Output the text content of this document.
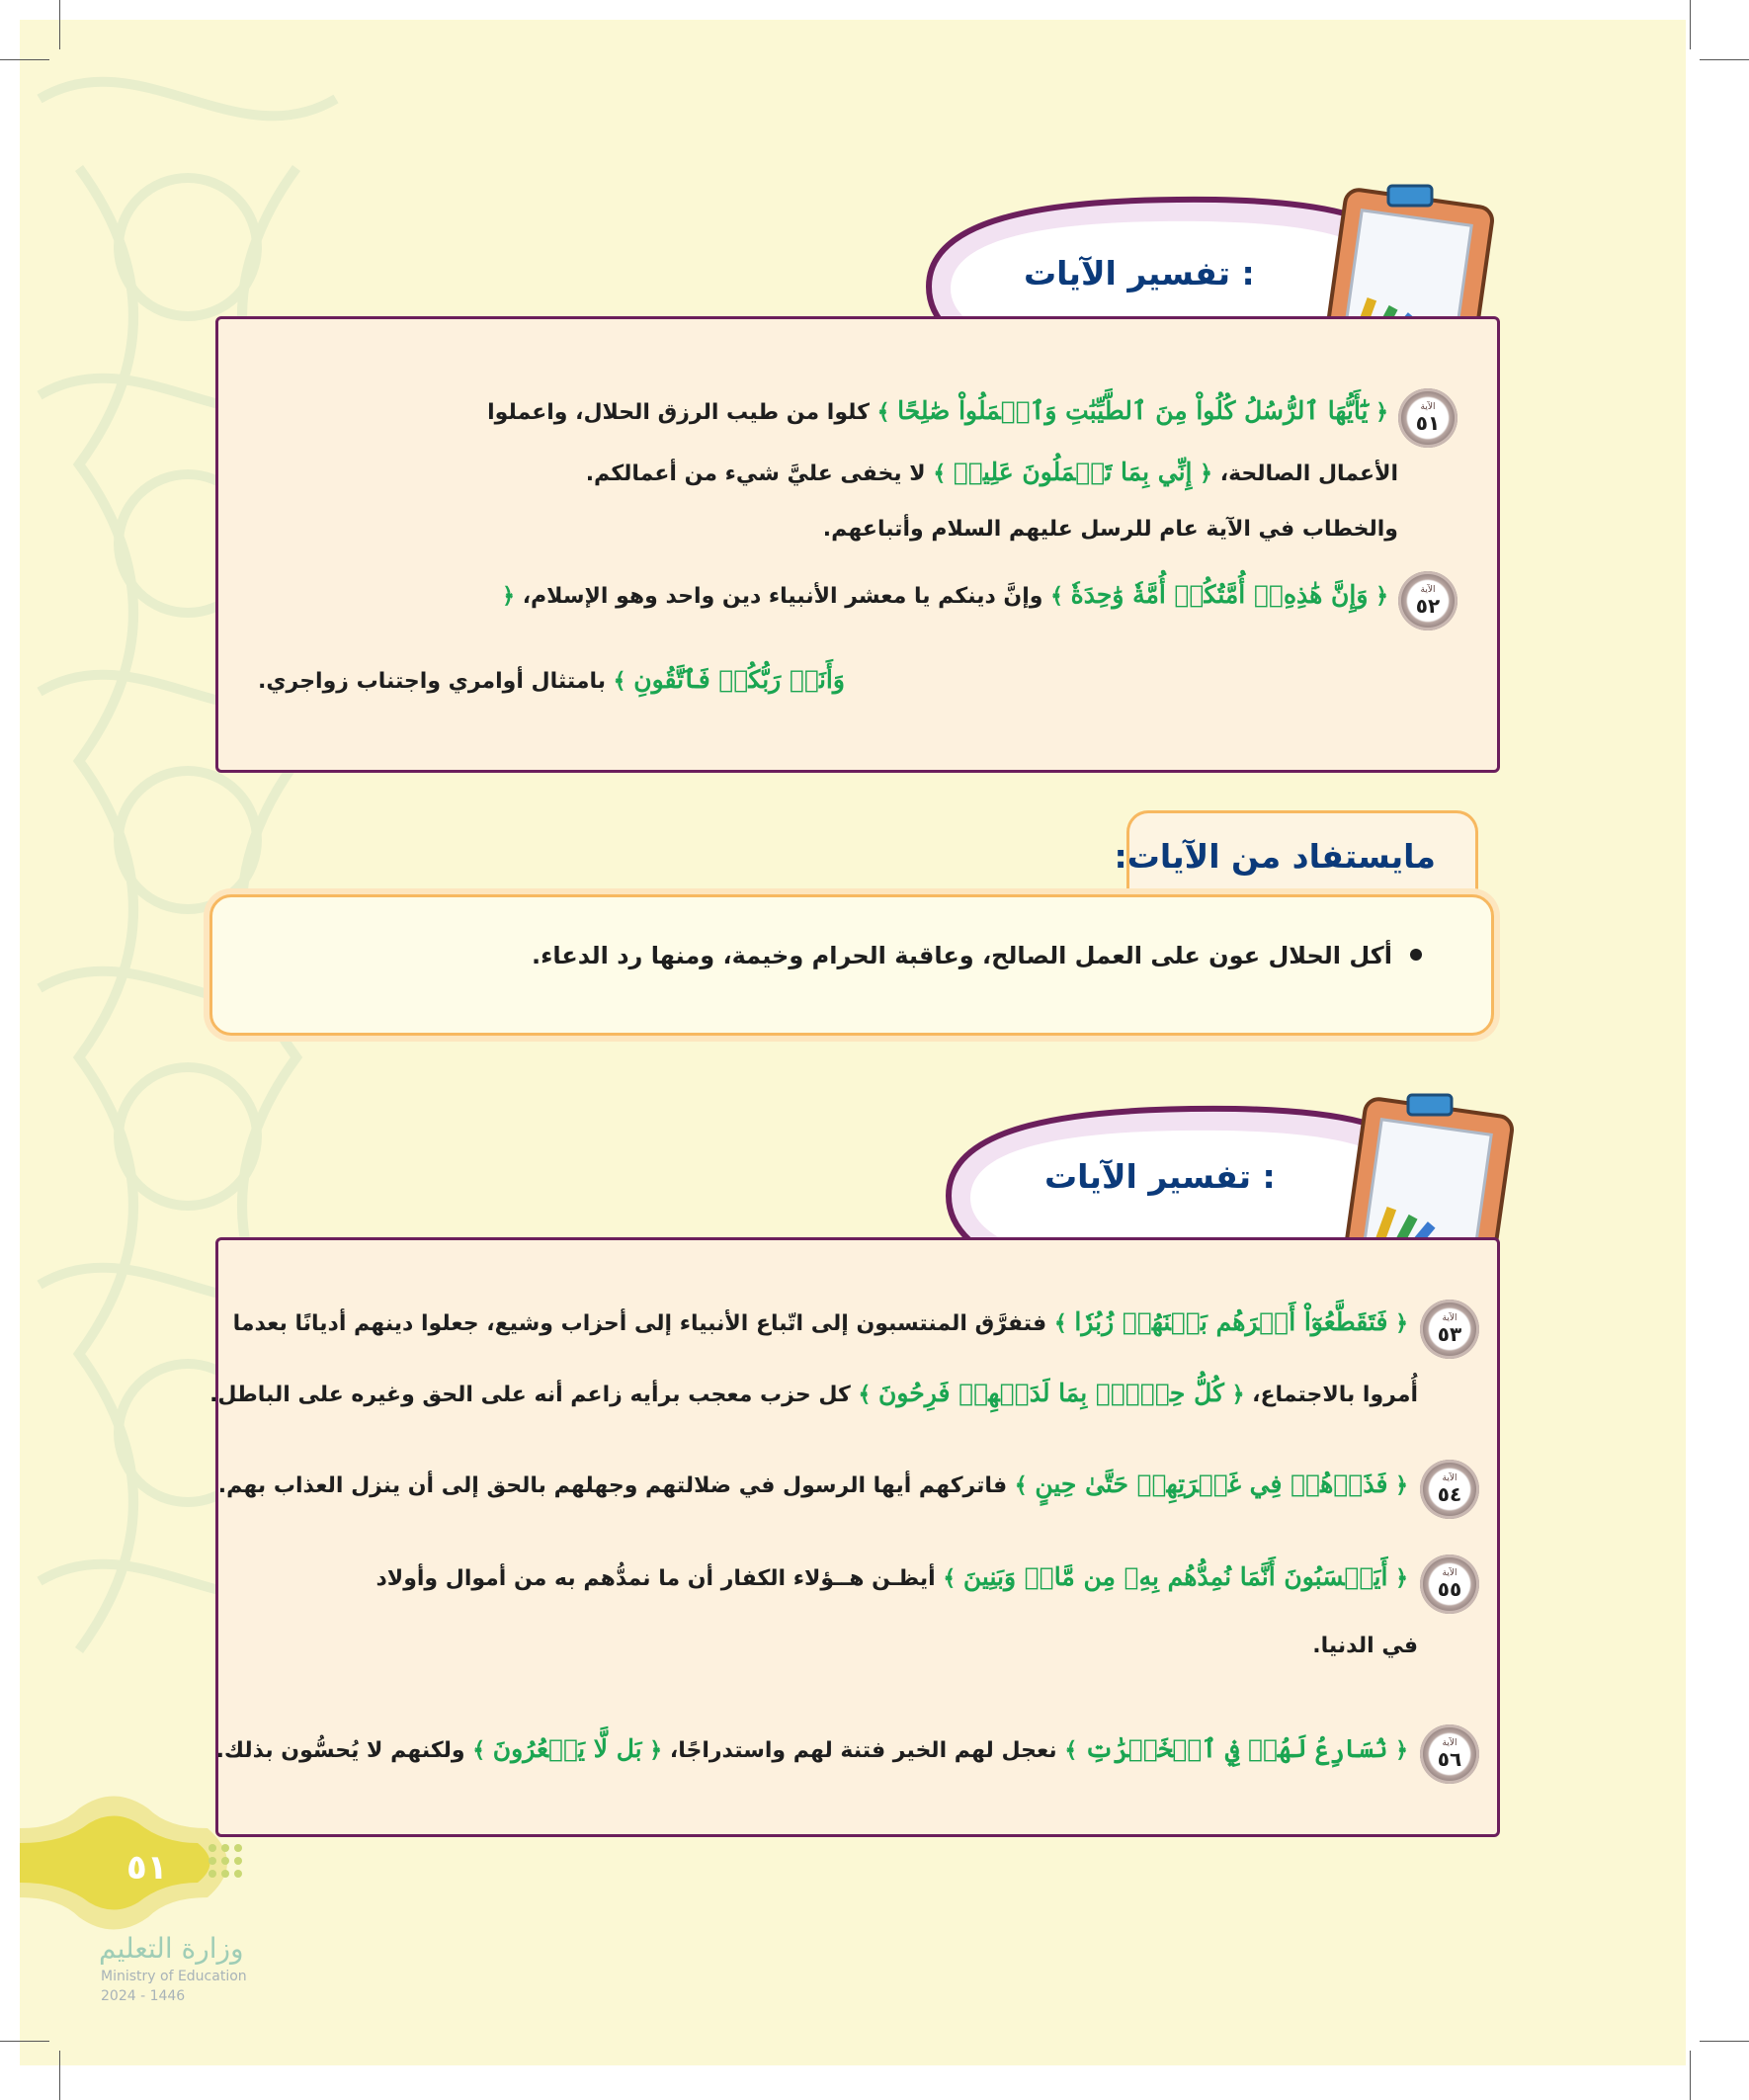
تفسير الآيات :
الآية
٥١
﴿ يَٰٓأَيُّهَا ٱلرُّسُلُ كُلُواْ مِنَ ٱلطَّيِّبَٰتِ وَٱعۡمَلُواْ صَٰلِحًا ﴾ كلوا من طيب الرزق الحلال، واعملوا
الأعمال الصالحة، ﴿ إِنِّي بِمَا تَعۡمَلُونَ عَلِيمٞ ﴾ لا يخفى عليَّ شيء من أعمالكم.
والخطاب في الآية عام للرسل عليهم السلام وأتباعهم.
الآية
٥٢
﴿ وَإِنَّ هَٰذِهِۦٓ أُمَّتُكُمۡ أُمَّةٗ وَٰحِدَةٗ ﴾ وإنَّ دينكم يا معشر الأنبياء دين واحد وهو الإسلام، ﴿
وَأَنَا۠ رَبُّكُمۡ فَٱتَّقُونِ ﴾ بامتثال أوامري واجتناب زواجري.
مايستفاد من الآيات:
أكل الحلال عون على العمل الصالح، وعاقبة الحرام وخيمة، ومنها رد الدعاء.
تفسير الآيات :
الآية
٥٣
﴿ فَتَقَطَّعُوٓاْ أَمۡرَهُم بَيۡنَهُمۡ زُبُرٗا ﴾ فتفرَّق المنتسبون إلى اتّباع الأنبياء إلى أحزاب وشيع، جعلوا دينهم أديانًا بعدما
أُمروا بالاجتماع، ﴿ كُلُّ حِزۡبِۭ بِمَا لَدَيۡهِمۡ فَرِحُونَ ﴾ كل حزب معجب برأيه زاعم أنه على الحق وغيره على الباطل.
الآية
٥٤
﴿ فَذَرۡهُمۡ فِي غَمۡرَتِهِمۡ حَتَّىٰ حِينٍ ﴾ فاتركهم أيها الرسول في ضلالتهم وجهلهم بالحق إلى أن ينزل العذاب بهم.
الآية
٥٥
﴿ أَيَحۡسَبُونَ أَنَّمَا نُمِدُّهُم بِهِۦ مِن مَّالٖ وَبَنِينَ ﴾ أيظـن هــؤلاء الكفار أن ما نمدُّهم به من أموال وأولاد
في الدنيا.
الآية
٥٦
﴿ نُسَارِعُ لَهُمۡ فِي ٱلۡخَيۡرَٰتِ ﴾ نعجل لهم الخير فتنة لهم واستدراجًا، ﴿ بَل لَّا يَشۡعُرُونَ ﴾ ولكنهم لا يُحسُّون بذلك.
٥١
وزارة التعليم
Ministry of Education
2024 - 1446
